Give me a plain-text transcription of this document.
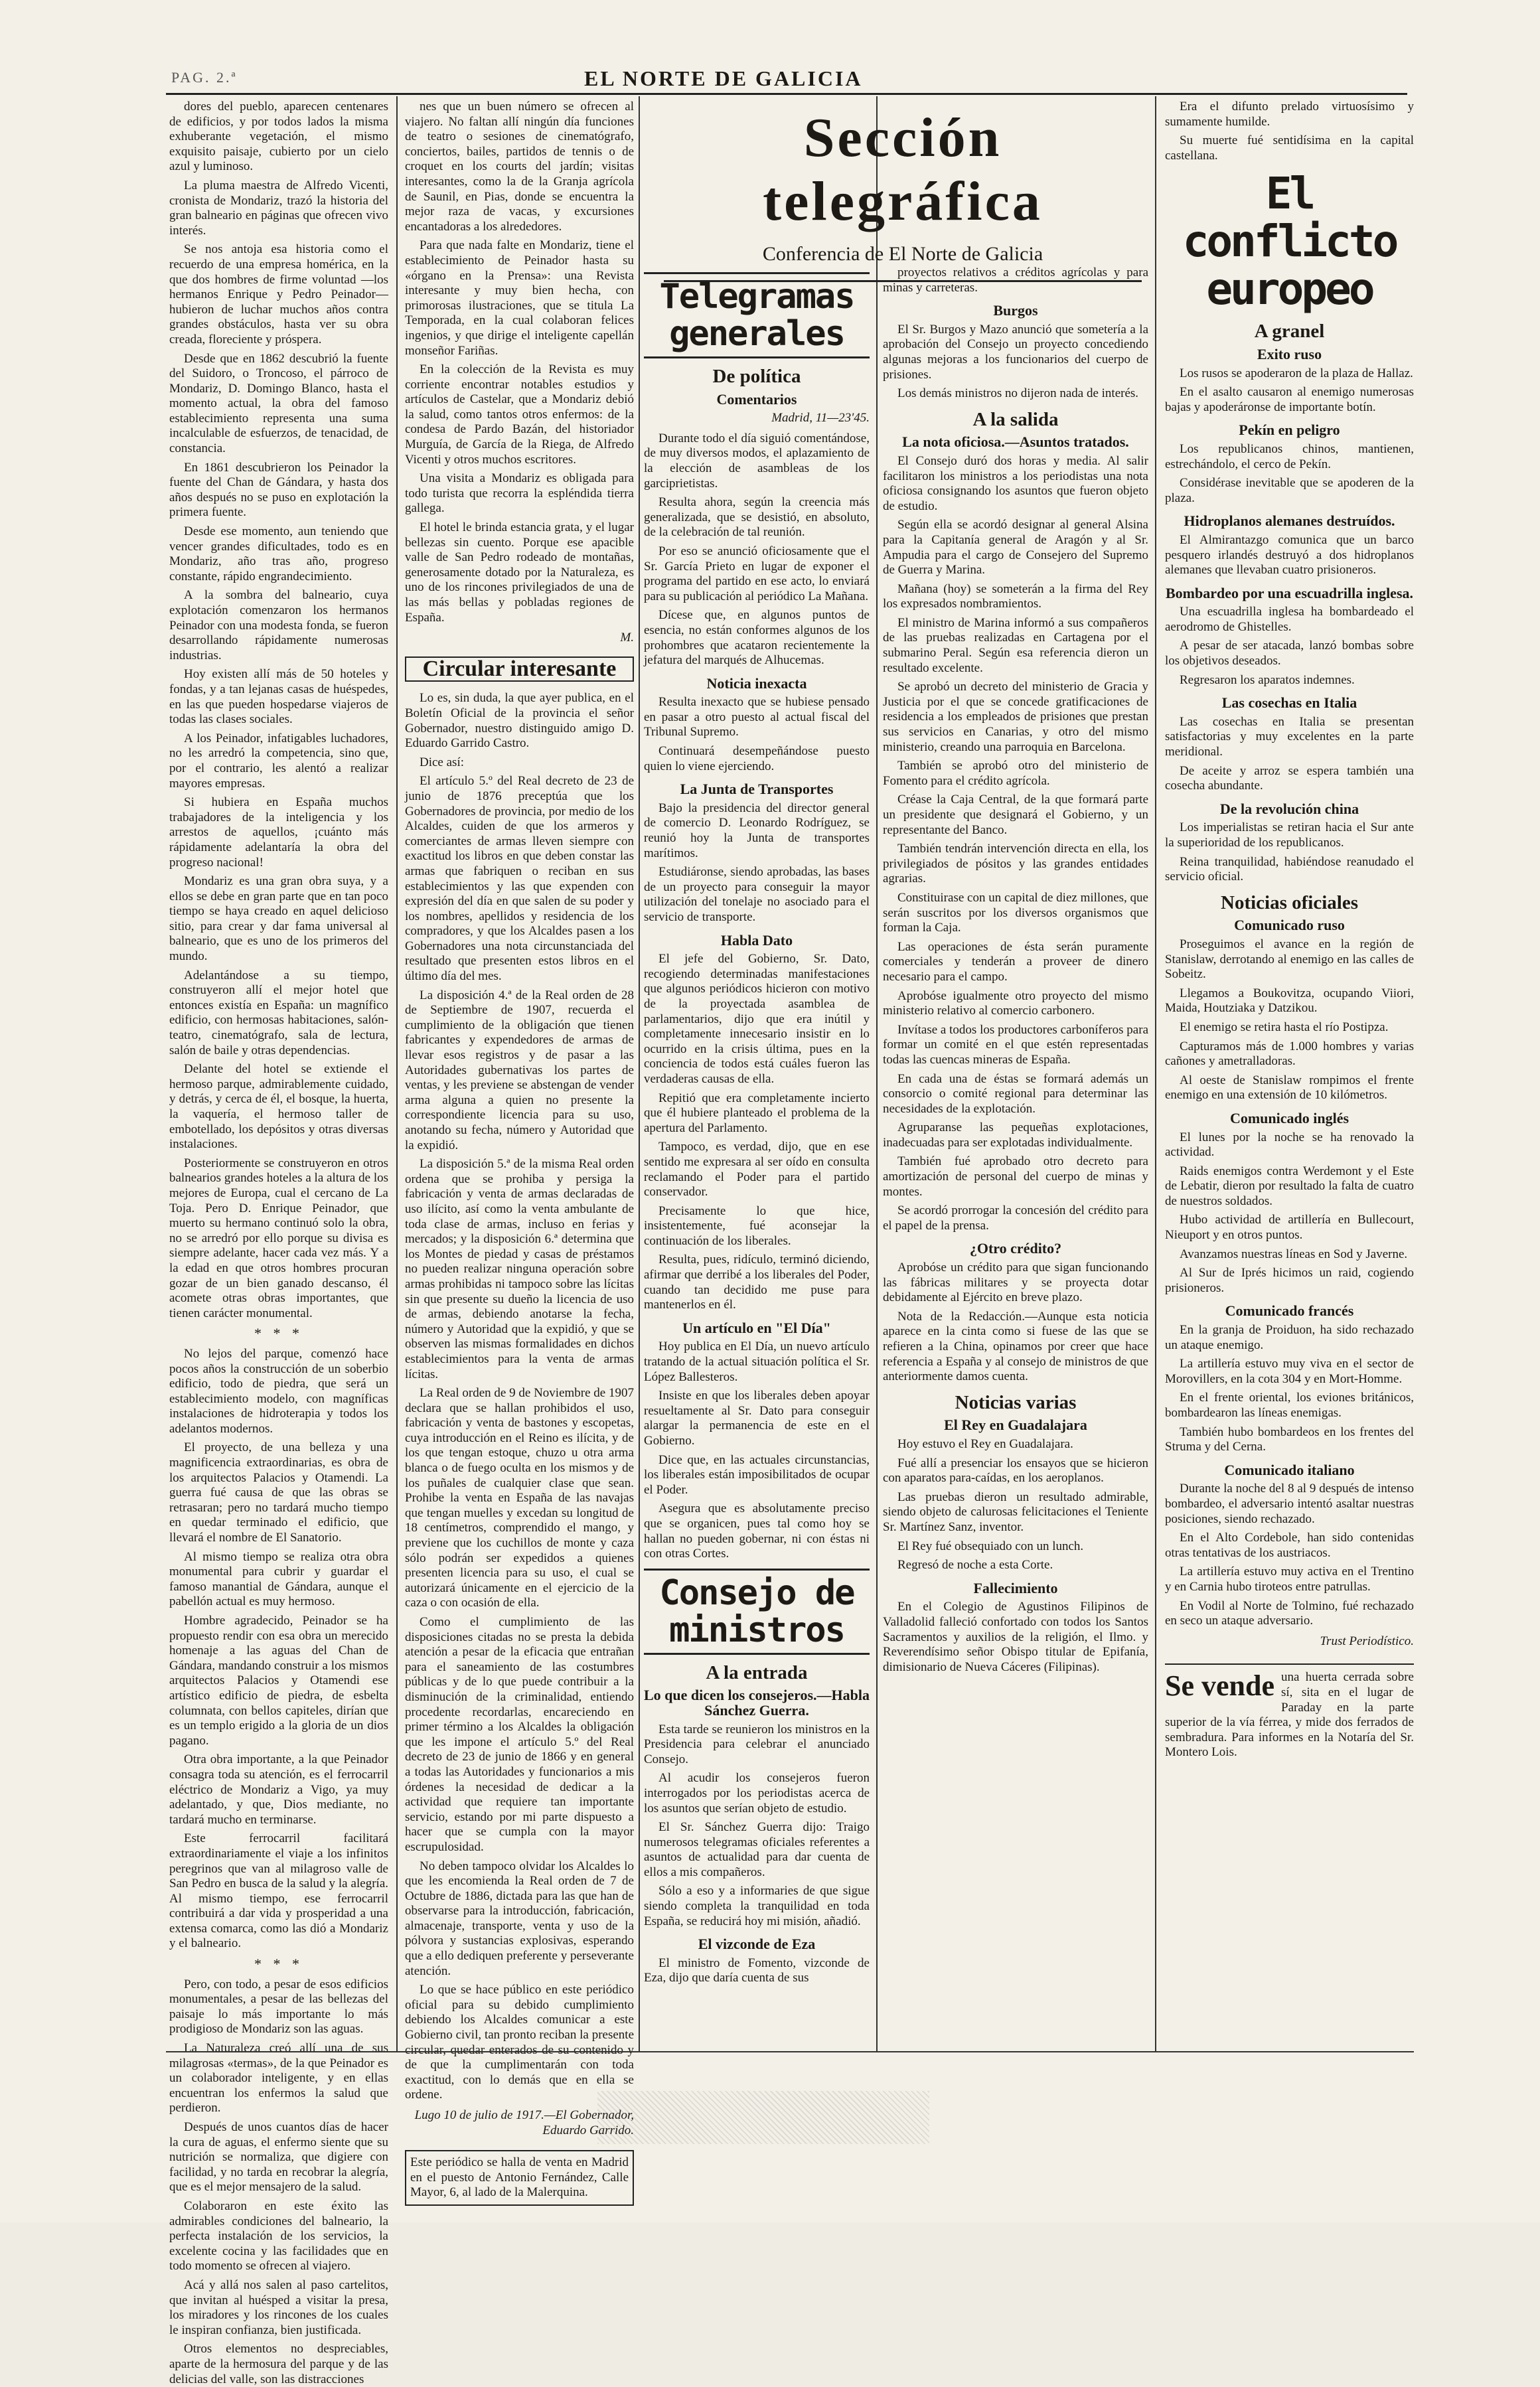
PAG. 2.ª	EL NORTE DE GALICIA

dores del pueblo, aparecen centenares de edificios, y por todos lados la misma exhuberante vegetación, el mismo exquisito paisaje, cubierto por un cielo azul y luminoso.

La pluma maestra de Alfredo Vicenti, cronista de Mondariz, trazó la historia del gran balneario en páginas que ofrecen vivo interés.

Se nos antoja esa historia como el recuerdo de una empresa homérica, en la que dos hombres de firme voluntad —los hermanos Enrique y Pedro Peinador— hubieron de luchar muchos años contra grandes obstáculos, hasta ver su obra creada, floreciente y próspera.

Desde que en 1862 descubrió la fuente del Suidoro, o Troncoso, el párroco de Mondariz, D. Domingo Blanco, hasta el momento actual, la obra del famoso establecimiento representa una suma incalculable de esfuerzos, de tenacidad, de constancia.

En 1861 descubrieron los Peinador la fuente del Chan de Gándara, y hasta dos años después no se puso en explotación la primera fuente.

Desde ese momento, aun teniendo que vencer grandes dificultades, todo es en Mondariz, año tras año, progreso constante, rápido engrandecimiento.

A la sombra del balneario, cuya explotación comenzaron los hermanos Peinador con una modesta fonda, se fueron desarrollando rápidamente numerosas industrias.

Hoy existen allí más de 50 hoteles y fondas, y a tan lejanas casas de huéspedes, en las que pueden hospedarse viajeros de todas las clases sociales.

A los Peinador, infatigables luchadores, no les arredró la competencia, sino que, por el contrario, les alentó a realizar mayores empresas.

Si hubiera en España muchos trabajadores de la inteligencia y los arrestos de aquellos, ¡cuánto más rápidamente adelantaría la obra del progreso nacional!

Mondariz es una gran obra suya, y a ellos se debe en gran parte que en tan poco tiempo se haya creado en aquel delicioso sitio, para crear y dar fama universal al balneario, que es uno de los primeros del mundo.

Adelantándose a su tiempo, construyeron allí el mejor hotel que entonces existía en España: un magnífico edificio, con hermosas habitaciones, salón-teatro, cinematógrafo, sala de lectura, salón de baile y otras dependencias.

Delante del hotel se extiende el hermoso parque, admirablemente cuidado, y detrás, y cerca de él, el bosque, la huerta, la vaquería, el hermoso taller de embotellado, los depósitos y otras diversas instalaciones.

Posteriormente se construyeron en otros balnearios grandes hoteles a la altura de los mejores de Europa, cual el cercano de La Toja. Pero D. Enrique Peinador, que muerto su hermano continuó solo la obra, no se arredró por ello porque su divisa es siempre adelante, hacer cada vez más. Y a la edad en que otros hombres procuran gozar de un bien ganado descanso, él acomete otras obras importantes, que tienen carácter monumental.

* * *

No lejos del parque, comenzó hace pocos años la construcción de un soberbio edificio, todo de piedra, que será un establecimiento modelo, con magníficas instalaciones de hidroterapia y todos los adelantos modernos.

El proyecto, de una belleza y una magnificencia extraordinarias, es obra de los arquitectos Palacios y Otamendi. La guerra fué causa de que las obras se retrasaran; pero no tardará mucho tiempo en quedar terminado el edificio, que llevará el nombre de El Sanatorio.

Al mismo tiempo se realiza otra obra monumental para cubrir y guardar el famoso manantial de Gándara, aunque el pabellón actual es muy hermoso.

Hombre agradecido, Peinador se ha propuesto rendir con esa obra un merecido homenaje a las aguas del Chan de Gándara, mandando construir a los mismos arquitectos Palacios y Otamendi ese artístico edificio de piedra, de esbelta columnata, con bellos capiteles, dirían que es un templo erigido a la gloria de un dios pagano.

Otra obra importante, a la que Peinador consagra toda su atención, es el ferrocarril eléctrico de Mondariz a Vigo, ya muy adelantado, y que, Dios mediante, no tardará mucho en terminarse.

Este ferrocarril facilitará extraordinariamente el viaje a los infinitos peregrinos que van al milagroso valle de San Pedro en busca de la salud y la alegría. Al mismo tiempo, ese ferrocarril contribuirá a dar vida y prosperidad a una extensa comarca, como las dió a Mondariz y el balneario.

* * *

Pero, con todo, a pesar de esos edificios monumentales, a pesar de las bellezas del paisaje lo más importante lo más prodigioso de Mondariz son las aguas.

La Naturaleza creó allí una de sus milagrosas «termas», de la que Peinador es un colaborador inteligente, y en ellas encuentran los enfermos la salud que perdieron.

Después de unos cuantos días de hacer la cura de aguas, el enfermo siente que su nutrición se normaliza, que digiere con facilidad, y no tarda en recobrar la alegría, que es el mejor mensajero de la salud.

Colaboraron en este éxito las admirables condiciones del balneario, la perfecta instalación de los servicios, la excelente cocina y las facilidades que en todo momento se ofrecen al viajero.

Acá y allá nos salen al paso cartelitos, que invitan al huésped a visitar la presa, los miradores y los rincones de los cuales le inspiran confianza, bien justificada.

Otros elementos no despreciables, aparte de la hermosura del parque y de las delicias del valle, son las distracciones

nes que un buen número se ofrecen al viajero. No faltan allí ningún día funciones de teatro o sesiones de cinematógrafo, conciertos, bailes, partidos de tennis o de croquet en los courts del jardín; visitas interesantes, como la de la Granja agrícola de Saunil, en Pias, donde se encuentra la mejor raza de vacas, y excursiones encantadoras a los alrededores.

Para que nada falte en Mondariz, tiene el establecimiento de Peinador hasta su «órgano en la Prensa»: una Revista interesante y muy bien hecha, con primorosas ilustraciones, que se titula La Temporada, en la cual colaboran felices ingenios, y que dirige el inteligente capellán monseñor Fariñas.

En la colección de la Revista es muy corriente encontrar notables estudios y artículos de Castelar, que a Mondariz debió la salud, como tantos otros enfermos: de la condesa de Pardo Bazán, del historiador Murguía, de García de la Riega, de Alfredo Vicenti y otros muchos escritores.

Una visita a Mondariz es obligada para todo turista que recorra la espléndida tierra gallega.

El hotel le brinda estancia grata, y el lugar bellezas sin cuento. Porque ese apacible valle de San Pedro rodeado de montañas, generosamente dotado por la Naturaleza, es uno de los rincones privilegiados de una de las más bellas y pobladas regiones de España.

M.
Circular interesante

Lo es, sin duda, la que ayer publica, en el Boletín Oficial de la provincia el señor Gobernador, nuestro distinguido amigo D. Eduardo Garrido Castro.

Dice así:

El artículo 5.º del Real decreto de 23 de junio de 1876 preceptúa que los Gobernadores de provincia, por medio de los Alcaldes, cuiden de que los armeros y comerciantes de armas lleven siempre con exactitud los libros en que deben constar las armas que fabriquen o reciban en sus establecimientos y las que expenden con expresión del día en que salen de su poder y los nombres, apellidos y residencia de los compradores, y que los Alcaldes pasen a los Gobernadores una nota circunstanciada del resultado que presenten estos libros en el último día del mes.

La disposición 4.ª de la Real orden de 28 de Septiembre de 1907, recuerda el cumplimiento de la obligación que tienen fabricantes y expendedores de armas de llevar esos registros y de pasar a las Autoridades gubernativas los partes de ventas, y les previene se abstengan de vender arma alguna a quien no presente la correspondiente licencia para su uso, anotando su fecha, número y Autoridad que la expidió.

La disposición 5.ª de la misma Real orden ordena que se prohiba y persiga la fabricación y venta de armas declaradas de uso ilícito, así como la venta ambulante de toda clase de armas, incluso en ferias y mercados; y la disposición 6.ª determina que los Montes de piedad y casas de préstamos no pueden realizar ninguna operación sobre armas prohibidas ni tampoco sobre las lícitas sin que presente su dueño la licencia de uso de armas, debiendo anotarse la fecha, número y Autoridad que la expidió, y que se observen las mismas formalidades en dichos establecimientos para la venta de armas lícitas.

La Real orden de 9 de Noviembre de 1907 declara que se hallan prohibidos el uso, fabricación y venta de bastones y escopetas, cuya introducción en el Reino es ilícita, y de los que tengan estoque, chuzo u otra arma blanca o de fuego oculta en los mismos y de los puñales de cualquier clase que sean. Prohibe la venta en España de las navajas que tengan muelles y excedan su longitud de 18 centímetros, comprendido el mango, y previene que los cuchillos de monte y caza sólo podrán ser expedidos a quienes presenten licencia para su uso, el cual se autorizará únicamente en el ejercicio de la caza o con ocasión de ella.

Como el cumplimiento de las disposiciones citadas no se presta la debida atención a pesar de la eficacia que entrañan para el saneamiento de las costumbres públicas y de lo que puede contribuir a la disminución de la criminalidad, entiendo procedente recordarlas, encareciendo en primer término a los Alcaldes la obligación que les impone el artículo 5.º del Real decreto de 23 de junio de 1866 y en general a todas las Autoridades y funcionarios a mis órdenes la necesidad de dedicar a la actividad que requiere tan importante servicio, estando por mi parte dispuesto a hacer que se cumpla con la mayor escrupulosidad.

No deben tampoco olvidar los Alcaldes lo que les encomienda la Real orden de 7 de Octubre de 1886, dictada para las que han de observarse para la introducción, fabricación, almacenaje, transporte, venta y uso de la pólvora y sustancias explosivas, esperando que a ello dediquen preferente y perseverante atención.

Lo que se hace público en este periódico oficial para su debido cumplimiento debiendo los Alcaldes comunicar a este Gobierno civil, tan pronto reciban la presente circular, quedar enterados de su contenido y de que la cumplimentarán con toda exactitud, con lo demás que en ella se ordene.

Lugo 10 de julio de 1917.—El Gobernador, Eduardo Garrido.
Este periódico se halla de venta en Madrid en el puesto de Antonio Fernández, Calle Mayor, 6, al lado de la Malerquina.
Sección telegráfica
Conferencia de El Norte de Galicia
Telegramas generales
De política
Comentarios
Madrid, 11—23'45.

Durante todo el día siguió comentándose, de muy diversos modos, el aplazamiento de la elección de asambleas de los garciprietistas.

Resulta ahora, según la creencia más generalizada, que se desistió, en absoluto, de la celebración de tal reunión.

Por eso se anunció oficiosamente que el Sr. García Prieto en lugar de exponer el programa del partido en ese acto, lo enviará para su publicación al periódico La Mañana.

Dícese que, en algunos puntos de esencia, no están conformes algunos de los prohombres que acataron recientemente la jefatura del marqués de Alhucemas.

Noticia inexacta

Resulta inexacto que se hubiese pensado en pasar a otro puesto al actual fiscal del Tribunal Supremo.

Continuará desempeñándose puesto quien lo viene ejerciendo.

La Junta de Transportes

Bajo la presidencia del director general de comercio D. Leonardo Rodríguez, se reunió hoy la Junta de transportes marítimos.

Estudiáronse, siendo aprobadas, las bases de un proyecto para conseguir la mayor utilización del tonelaje no asociado para el servicio de transporte.

Habla Dato

El jefe del Gobierno, Sr. Dato, recogiendo determinadas manifestaciones que algunos periódicos hicieron con motivo de la proyectada asamblea de parlamentarios, dijo que era inútil y completamente innecesario insistir en lo ocurrido en la crisis última, pues en la conciencia de todos está cuáles fueron las verdaderas causas de ella.

Repitió que era completamente incierto que él hubiere planteado el problema de la apertura del Parlamento.

Tampoco, es verdad, dijo, que en ese sentido me expresara al ser oído en consulta reclamando el Poder para el partido conservador.

Precisamente lo que hice, insistentemente, fué aconsejar la continuación de los liberales.

Resulta, pues, ridículo, terminó diciendo, afirmar que derribé a los liberales del Poder, cuando tan decidido me puse para mantenerlos en él.

Un artículo en "El Día"

Hoy publica en El Día, un nuevo artículo tratando de la actual situación política el Sr. López Ballesteros.

Insiste en que los liberales deben apoyar resueltamente al Sr. Dato para conseguir alargar la permanencia de este en el Gobierno.

Dice que, en las actuales circunstancias, los liberales están imposibilitados de ocupar el Poder.

Asegura que es absolutamente preciso que se organicen, pues tal como hoy se hallan no pueden gobernar, ni con éstas ni con otras Cortes.

Consejo de ministros
A la entrada
Lo que dicen los consejeros.—Habla Sánchez Guerra.

Esta tarde se reunieron los ministros en la Presidencia para celebrar el anunciado Consejo.

Al acudir los consejeros fueron interrogados por los periodistas acerca de los asuntos que serían objeto de estudio.

El Sr. Sánchez Guerra dijo: Traigo numerosos telegramas oficiales referentes a asuntos de actualidad para dar cuenta de ellos a mis compañeros.

Sólo a eso y a informaries de que sigue siendo completa la tranquilidad en toda España, se reducirá hoy mi misión, añadió.

El vizconde de Eza

El ministro de Fomento, vizconde de Eza, dijo que daría cuenta de sus

proyectos relativos a créditos agrícolas y para minas y carreteras.

Burgos

El Sr. Burgos y Mazo anunció que sometería a la aprobación del Consejo un proyecto concediendo algunas mejoras a los funcionarios del cuerpo de prisiones.

Los demás ministros no dijeron nada de interés.

A la salida
La nota oficiosa.—Asuntos tratados.

El Consejo duró dos horas y media. Al salir facilitaron los ministros a los periodistas una nota oficiosa consignando los asuntos que fueron objeto de estudio.

Según ella se acordó designar al general Alsina para la Capitanía general de Aragón y al Sr. Ampudia para el cargo de Consejero del Supremo de Guerra y Marina.

Mañana (hoy) se someterán a la firma del Rey los expresados nombramientos.

El ministro de Marina informó a sus compañeros de las pruebas realizadas en Cartagena por el submarino Peral. Según esa referencia dieron un resultado excelente.

Se aprobó un decreto del ministerio de Gracia y Justicia por el que se concede gratificaciones de residencia a los empleados de prisiones que prestan sus servicios en Canarias, y otro del mismo ministerio, creando una parroquia en Barcelona.

También se aprobó otro del ministerio de Fomento para el crédito agrícola.

Créase la Caja Central, de la que formará parte un presidente que designará el Gobierno, y un representante del Banco.

También tendrán intervención directa en ella, los privilegiados de pósitos y las grandes entidades agrarias.

Constituirase con un capital de diez millones, que serán suscritos por los diversos organismos que forman la Caja.

Las operaciones de ésta serán puramente comerciales y tenderán a proveer de dinero necesario para el campo.

Aprobóse igualmente otro proyecto del mismo ministerio relativo al comercio carbonero.

Invítase a todos los productores carboníferos para formar un comité en el que estén representadas todas las cuencas mineras de España.

En cada una de éstas se formará además un consorcio o comité regional para determinar las necesidades de la explotación.

Agruparanse las pequeñas explotaciones, inadecuadas para ser explotadas individualmente.

También fué aprobado otro decreto para amortización de personal del cuerpo de minas y montes.

Se acordó prorrogar la concesión del crédito para el papel de la prensa.

¿Otro crédito?

Aprobóse un crédito para que sigan funcionando las fábricas militares y se proyecta dotar debidamente al Ejército en breve plazo.

Nota de la Redacción.—Aunque esta noticia aparece en la cinta como si fuese de las que se refieren a la China, opinamos por creer que hace referencia a España y al consejo de ministros de que anteriormente damos cuenta.

Noticias varias
El Rey en Guadalajara

Hoy estuvo el Rey en Guadalajara.

Fué allí a presenciar los ensayos que se hicieron con aparatos para-caídas, en los aeroplanos.

Las pruebas dieron un resultado admirable, siendo objeto de calurosas felicitaciones el Teniente Sr. Martínez Sanz, inventor.

El Rey fué obsequiado con un lunch.

Regresó de noche a esta Corte.

Fallecimiento

En el Colegio de Agustinos Filipinos de Valladolid falleció confortado con todos los Santos Sacramentos y auxilios de la religión, el Ilmo. y Reverendísimo señor Obispo titular de Epifanía, dimisionario de Nueva Cáceres (Filipinas).

Era el difunto prelado virtuosísimo y sumamente humilde.

Su muerte fué sentidísima en la capital castellana.

El conflicto europeo
A granel
Exito ruso

Los rusos se apoderaron de la plaza de Hallaz.

En el asalto causaron al enemigo numerosas bajas y apoderáronse de importante botín.

Pekín en peligro

Los republicanos chinos, mantienen, estrechándolo, el cerco de Pekín.

Considérase inevitable que se apoderen de la plaza.

Hidroplanos alemanes destruídos.

El Almirantazgo comunica que un barco pesquero irlandés destruyó a dos hidroplanos alemanes que llevaban cuatro prisioneros.

Bombardeo por una escuadrilla inglesa.

Una escuadrilla inglesa ha bombardeado el aerodromo de Ghistelles.

A pesar de ser atacada, lanzó bombas sobre los objetivos deseados.

Regresaron los aparatos indemnes.

Las cosechas en Italia

Las cosechas en Italia se presentan satisfactorias y muy excelentes en la parte meridional.

De aceite y arroz se espera también una cosecha abundante.

De la revolución china

Los imperialistas se retiran hacia el Sur ante la superioridad de los republicanos.

Reina tranquilidad, habiéndose reanudado el servicio oficial.

Noticias oficiales
Comunicado ruso

Proseguimos el avance en la región de Stanislaw, derrotando al enemigo en las calles de Sobeitz.

Llegamos a Boukovitza, ocupando Viiori, Maida, Houtziaka y Datzikou.

El enemigo se retira hasta el río Postipza.

Capturamos más de 1.000 hombres y varias cañones y ametralladoras.

Al oeste de Stanislaw rompimos el frente enemigo en una extensión de 10 kilómetros.

Comunicado inglés

El lunes por la noche se ha renovado la actividad.

Raids enemigos contra Werdemont y el Este de Lebatir, dieron por resultado la falta de cuatro de nuestros soldados.

Hubo actividad de artillería en Bullecourt, Nieuport y en otros puntos.

Avanzamos nuestras líneas en Sod y Javerne.

Al Sur de Iprés hicimos un raid, cogiendo prisioneros.

Comunicado francés

En la granja de Proiduon, ha sido rechazado un ataque enemigo.

La artillería estuvo muy viva en el sector de Morovillers, en la cota 304 y en Mort-Homme.

En el frente oriental, los eviones británicos, bombardearon las líneas enemigas.

También hubo bombardeos en los frentes del Struma y del Cerna.

Comunicado italiano

Durante la noche del 8 al 9 después de intenso bombardeo, el adversario intentó asaltar nuestras posiciones, siendo rechazado.

En el Alto Cordebole, han sido contenidas otras tentativas de los austriacos.

La artillería estuvo muy activa en el Trentino y en Carnia hubo tiroteos entre patrullas.

En Vodil al Norte de Tolmino, fué rechazado en seco un ataque adversario.

Trust Periodístico.
Se vende una huerta cerrada sobre sí, sita en el lugar de Paraday en la parte superior de la vía férrea, y mide dos ferrados de sembradura. Para informes en la Notaría del Sr. Montero Lois.
